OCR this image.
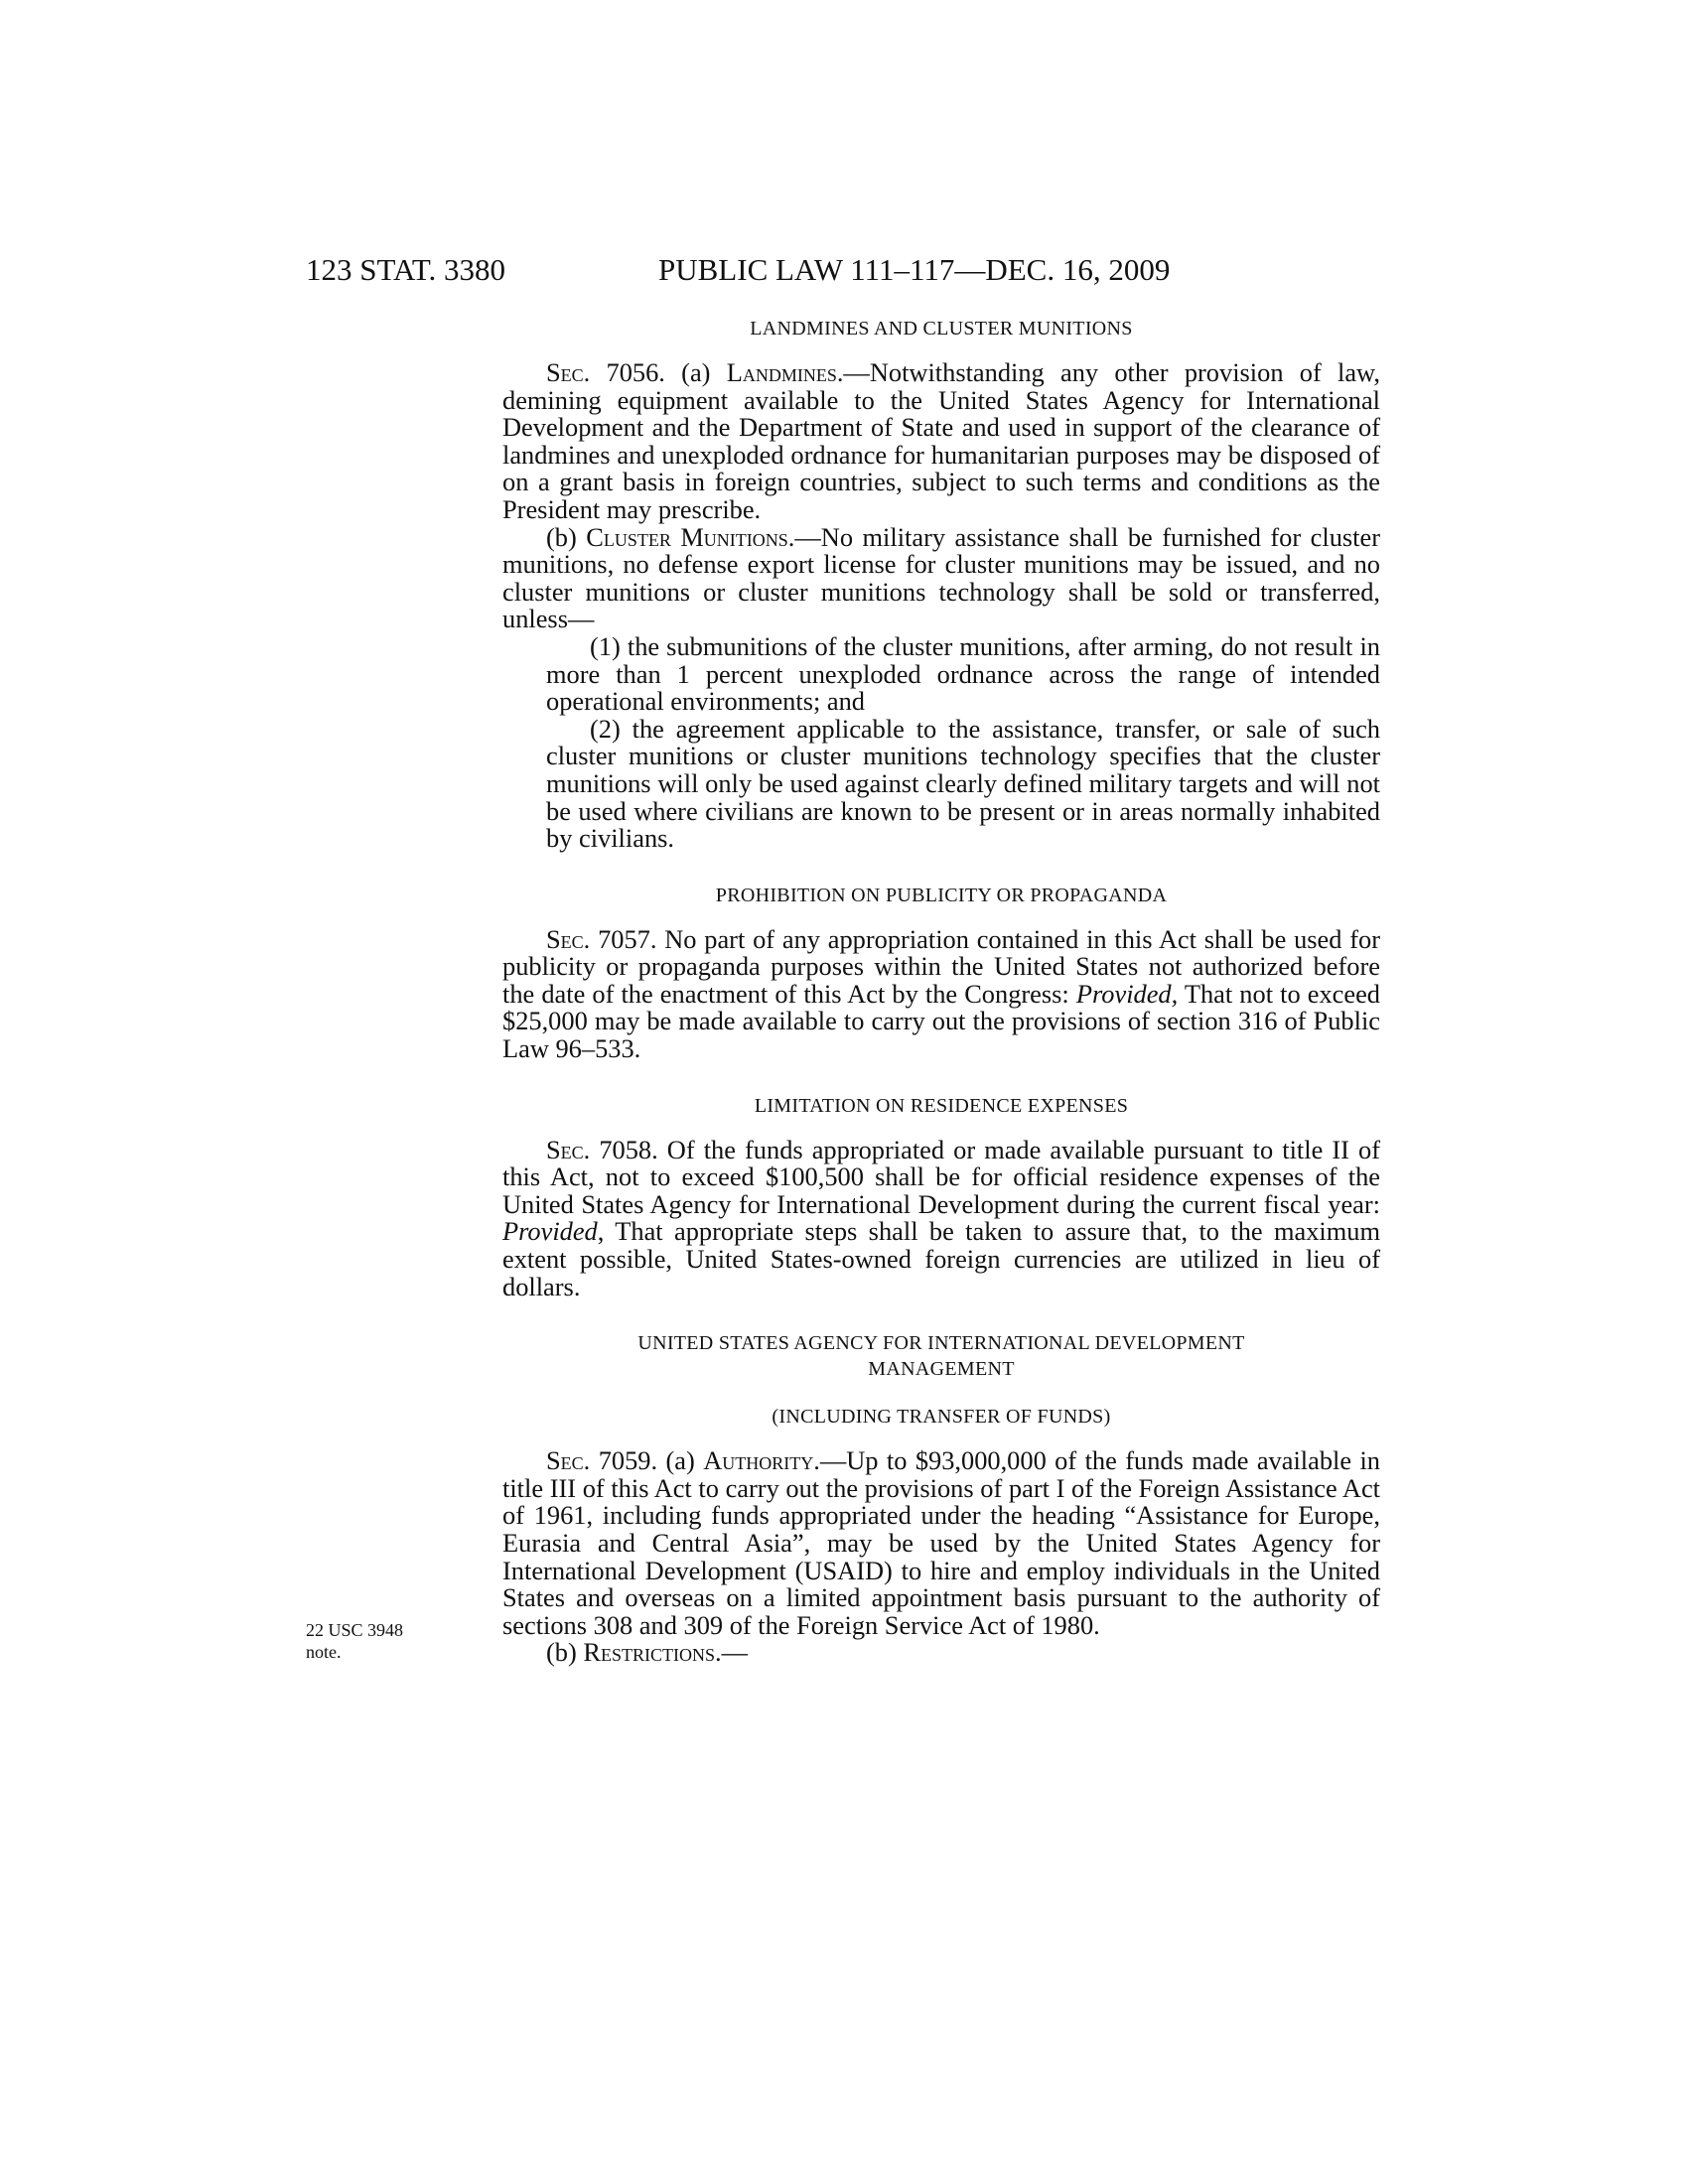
123 STAT. 3380	PUBLIC LAW 111–117—DEC. 16, 2009
22 USC 3948
note.
LANDMINES AND CLUSTER MUNITIONS

Sec. 7056. (a) Landmines.—Notwithstanding any other provision of law, demining equipment available to the United States Agency for International Development and the Department of State and used in support of the clearance of landmines and unexploded ordnance for humanitarian purposes may be disposed of on a grant basis in foreign countries, subject to such terms and conditions as the President may prescribe.

(b) Cluster Munitions.—No military assistance shall be furnished for cluster munitions, no defense export license for cluster munitions may be issued, and no cluster munitions or cluster munitions technology shall be sold or transferred, unless—

(1) the submunitions of the cluster munitions, after arming, do not result in more than 1 percent unexploded ordnance across the range of intended operational environments; and

(2) the agreement applicable to the assistance, transfer, or sale of such cluster munitions or cluster munitions technology specifies that the cluster munitions will only be used against clearly defined military targets and will not be used where civilians are known to be present or in areas normally inhabited by civilians.

PROHIBITION ON PUBLICITY OR PROPAGANDA

Sec. 7057. No part of any appropriation contained in this Act shall be used for publicity or propaganda purposes within the United States not authorized before the date of the enactment of this Act by the Congress: Provided, That not to exceed $25,000 may be made available to carry out the provisions of section 316 of Public Law 96–533.

LIMITATION ON RESIDENCE EXPENSES

Sec. 7058. Of the funds appropriated or made available pursuant to title II of this Act, not to exceed $100,500 shall be for official residence expenses of the United States Agency for International Development during the current fiscal year: Provided, That appropriate steps shall be taken to assure that, to the maximum extent possible, United States-owned foreign currencies are utilized in lieu of dollars.

UNITED STATES AGENCY FOR INTERNATIONAL DEVELOPMENT
MANAGEMENT
(INCLUDING TRANSFER OF FUNDS)

Sec. 7059. (a) Authority.—Up to $93,000,000 of the funds made available in title III of this Act to carry out the provisions of part I of the Foreign Assistance Act of 1961, including funds appropriated under the heading “Assistance for Europe, Eurasia and Central Asia”, may be used by the United States Agency for International Development (USAID) to hire and employ individuals in the United States and overseas on a limited appointment basis pursuant to the authority of sections 308 and 309 of the Foreign Service Act of 1980.

(b) Restrictions.—
